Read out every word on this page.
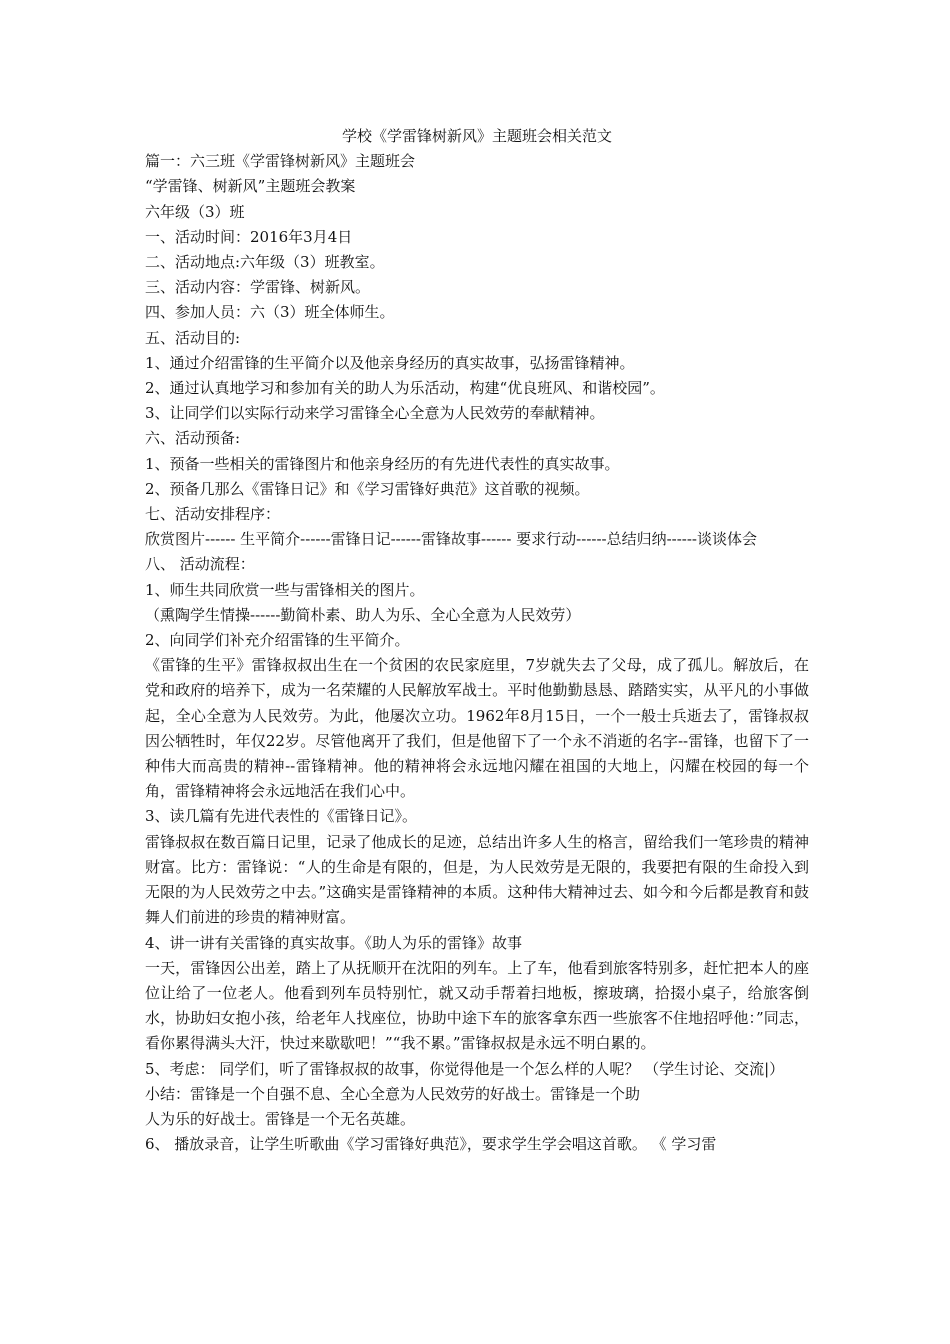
学校《学雷锋树新风》主题班会相关范文

篇一：六三班《学雷锋树新风》主题班会

“学雷锋、树新风”主题班会教案

六年级（3）班

一、活动时间：2016年3月4日

二、活动地点:六年级（3）班教室。

三、活动内容：学雷锋、树新风。

四、参加人员：六（3）班全体师生。

五、活动目的:

1、通过介绍雷锋的生平简介以及他亲身经历的真实故事，弘扬雷锋精神。

2、通过认真地学习和参加有关的助人为乐活动，构建“优良班风、和谐校园”。

3、让同学们以实际行动来学习雷锋全心全意为人民效劳的奉献精神。

六、活动预备:

1、预备一些相关的雷锋图片和他亲身经历的有先进代表性的真实故事。

2、预备几那么《雷锋日记》和《学习雷锋好典范》这首歌的视频。

七、活动安排程序：

欣赏图片------ 生平简介------雷锋日记------雷锋故事------ 要求行动------总结归纳------谈谈体会

八、 活动流程：

1、师生共同欣赏一些与雷锋相关的图片。

（熏陶学生情操------勤简朴素、助人为乐、全心全意为人民效劳）

2、向同学们补充介绍雷锋的生平简介。

《雷锋的生平》雷锋叔叔出生在一个贫困的农民家庭里，7岁就失去了父母，成了孤儿。解放后，在党和政府的培养下，成为一名荣耀的人民解放军战士。平时他勤勤恳恳、踏踏实实，从平凡的小事做起，全心全意为人民效劳。为此，他屡次立功。1962年8月15日，一个一般士兵逝去了，雷锋叔叔因公牺牲时，年仅22岁。尽管他离开了我们，但是他留下了一个永不消逝的名字--雷锋，也留下了一种伟大而高贵的精神--雷锋精神。他的精神将会永远地闪耀在祖国的大地上，闪耀在校园的每一个角，雷锋精神将会永远地活在我们心中。

3、读几篇有先进代表性的《雷锋日记》。

雷锋叔叔在数百篇日记里，记录了他成长的足迹，总结出许多人生的格言，留给我们一笔珍贵的精神财富。比方：雷锋说：“人的生命是有限的，但是，为人民效劳是无限的，我要把有限的生命投入到无限的为人民效劳之中去。”这确实是雷锋精神的本质。这种伟大精神过去、如今和今后都是教育和鼓舞人们前进的珍贵的精神财富。

4、讲一讲有关雷锋的真实故事。《助人为乐的雷锋》故事

一天，雷锋因公出差，踏上了从抚顺开在沈阳的列车。上了车，他看到旅客特别多，赶忙把本人的座位让给了一位老人。他看到列车员特别忙，就又动手帮着扫地板，擦玻璃，拾掇小桌子，给旅客倒水，协助妇女抱小孩，给老年人找座位，协助中途下车的旅客拿东西一些旅客不住地招呼他：”同志，看你累得满头大汗，快过来歇歇吧！”“我不累。”雷锋叔叔是永远不明白累的。

5、考虑： 同学们，听了雷锋叔叔的故事，你觉得他是一个怎么样的人呢？ （学生讨论、交流|）

小结：雷锋是一个自强不息、全心全意为人民效劳的好战士。雷锋是一个助

人为乐的好战士。雷锋是一个无名英雄。

6、 播放录音，让学生听歌曲《学习雷锋好典范》，要求学生学会唱这首歌。 《 学习雷
